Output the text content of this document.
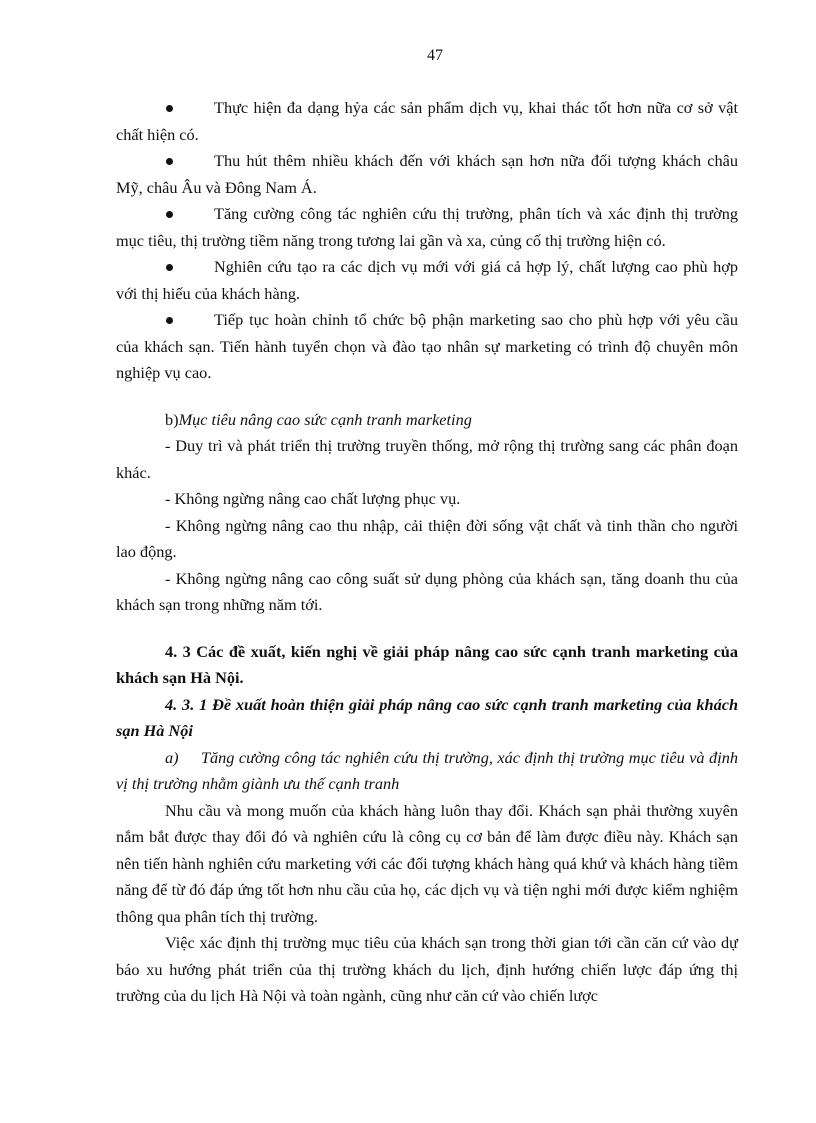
47

Thực hiện đa dạng hỷa các sản phẩm dịch vụ, khai thác tốt hơn nữa cơ sở vật chất hiện có.

Thu hút thêm nhiều khách đến với khách sạn hơn nữa đối tượng khách châu Mỹ, châu Âu và Đông Nam Á.

Tăng cường công tác nghiên cứu thị trường, phân tích và xác định thị trường mục tiêu, thị trường tiềm năng trong tương lai gần và xa, củng cố thị trường hiện có.

Nghiên cứu tạo ra các dịch vụ mới với giá cả hợp lý, chất lượng cao phù hợp với thị hiếu của khách hàng.

Tiếp tục hoàn chỉnh tổ chức bộ phận marketing sao cho phù hợp với yêu cầu của khách sạn. Tiến hành tuyển chọn và đào tạo nhân sự marketing có trình độ chuyên môn nghiệp vụ cao.

b)Mục tiêu nâng cao sức cạnh tranh marketing

- Duy trì và phát triển thị trường truyền thống, mở rộng thị trường sang các phân đoạn khác.

- Không ngừng nâng cao chất lượng phục vụ.

- Không ngừng nâng cao thu nhập, cải thiện đời sống vật chất và tinh thần cho người lao động.

- Không ngừng nâng cao công suất sử dụng phòng của khách sạn, tăng doanh thu của khách sạn trong những năm tới.

4. 3 Các đề xuất, kiến nghị về giải pháp nâng cao sức cạnh tranh marketing của khách sạn Hà Nội.

4. 3. 1 Đề xuất hoàn thiện giải pháp nâng cao sức cạnh tranh marketing của khách sạn Hà Nội

a) Tăng cường công tác nghiên cứu thị trường, xác định thị trường mục tiêu và định vị thị trường nhằm giành ưu thế cạnh tranh

Nhu cầu và mong muốn của khách hàng luôn thay đổi. Khách sạn phải thường xuyên nắm bắt được thay đổi đó và nghiên cứu là công cụ cơ bản để làm được điều này. Khách sạn nên tiến hành nghiên cứu marketing với các đối tượng khách hàng quá khứ và khách hàng tiềm năng để từ đó đáp ứng tốt hơn nhu cầu của họ, các dịch vụ và tiện nghi mới được kiểm nghiệm thông qua phân tích thị trường.

Việc xác định thị trường mục tiêu của khách sạn trong thời gian tới cần căn cứ vào dự báo xu hướng phát triển của thị trường khách du lịch, định hướng chiến lược đáp ứng thị trường của du lịch Hà Nội và toàn ngành, cũng như căn cứ vào chiến lược
